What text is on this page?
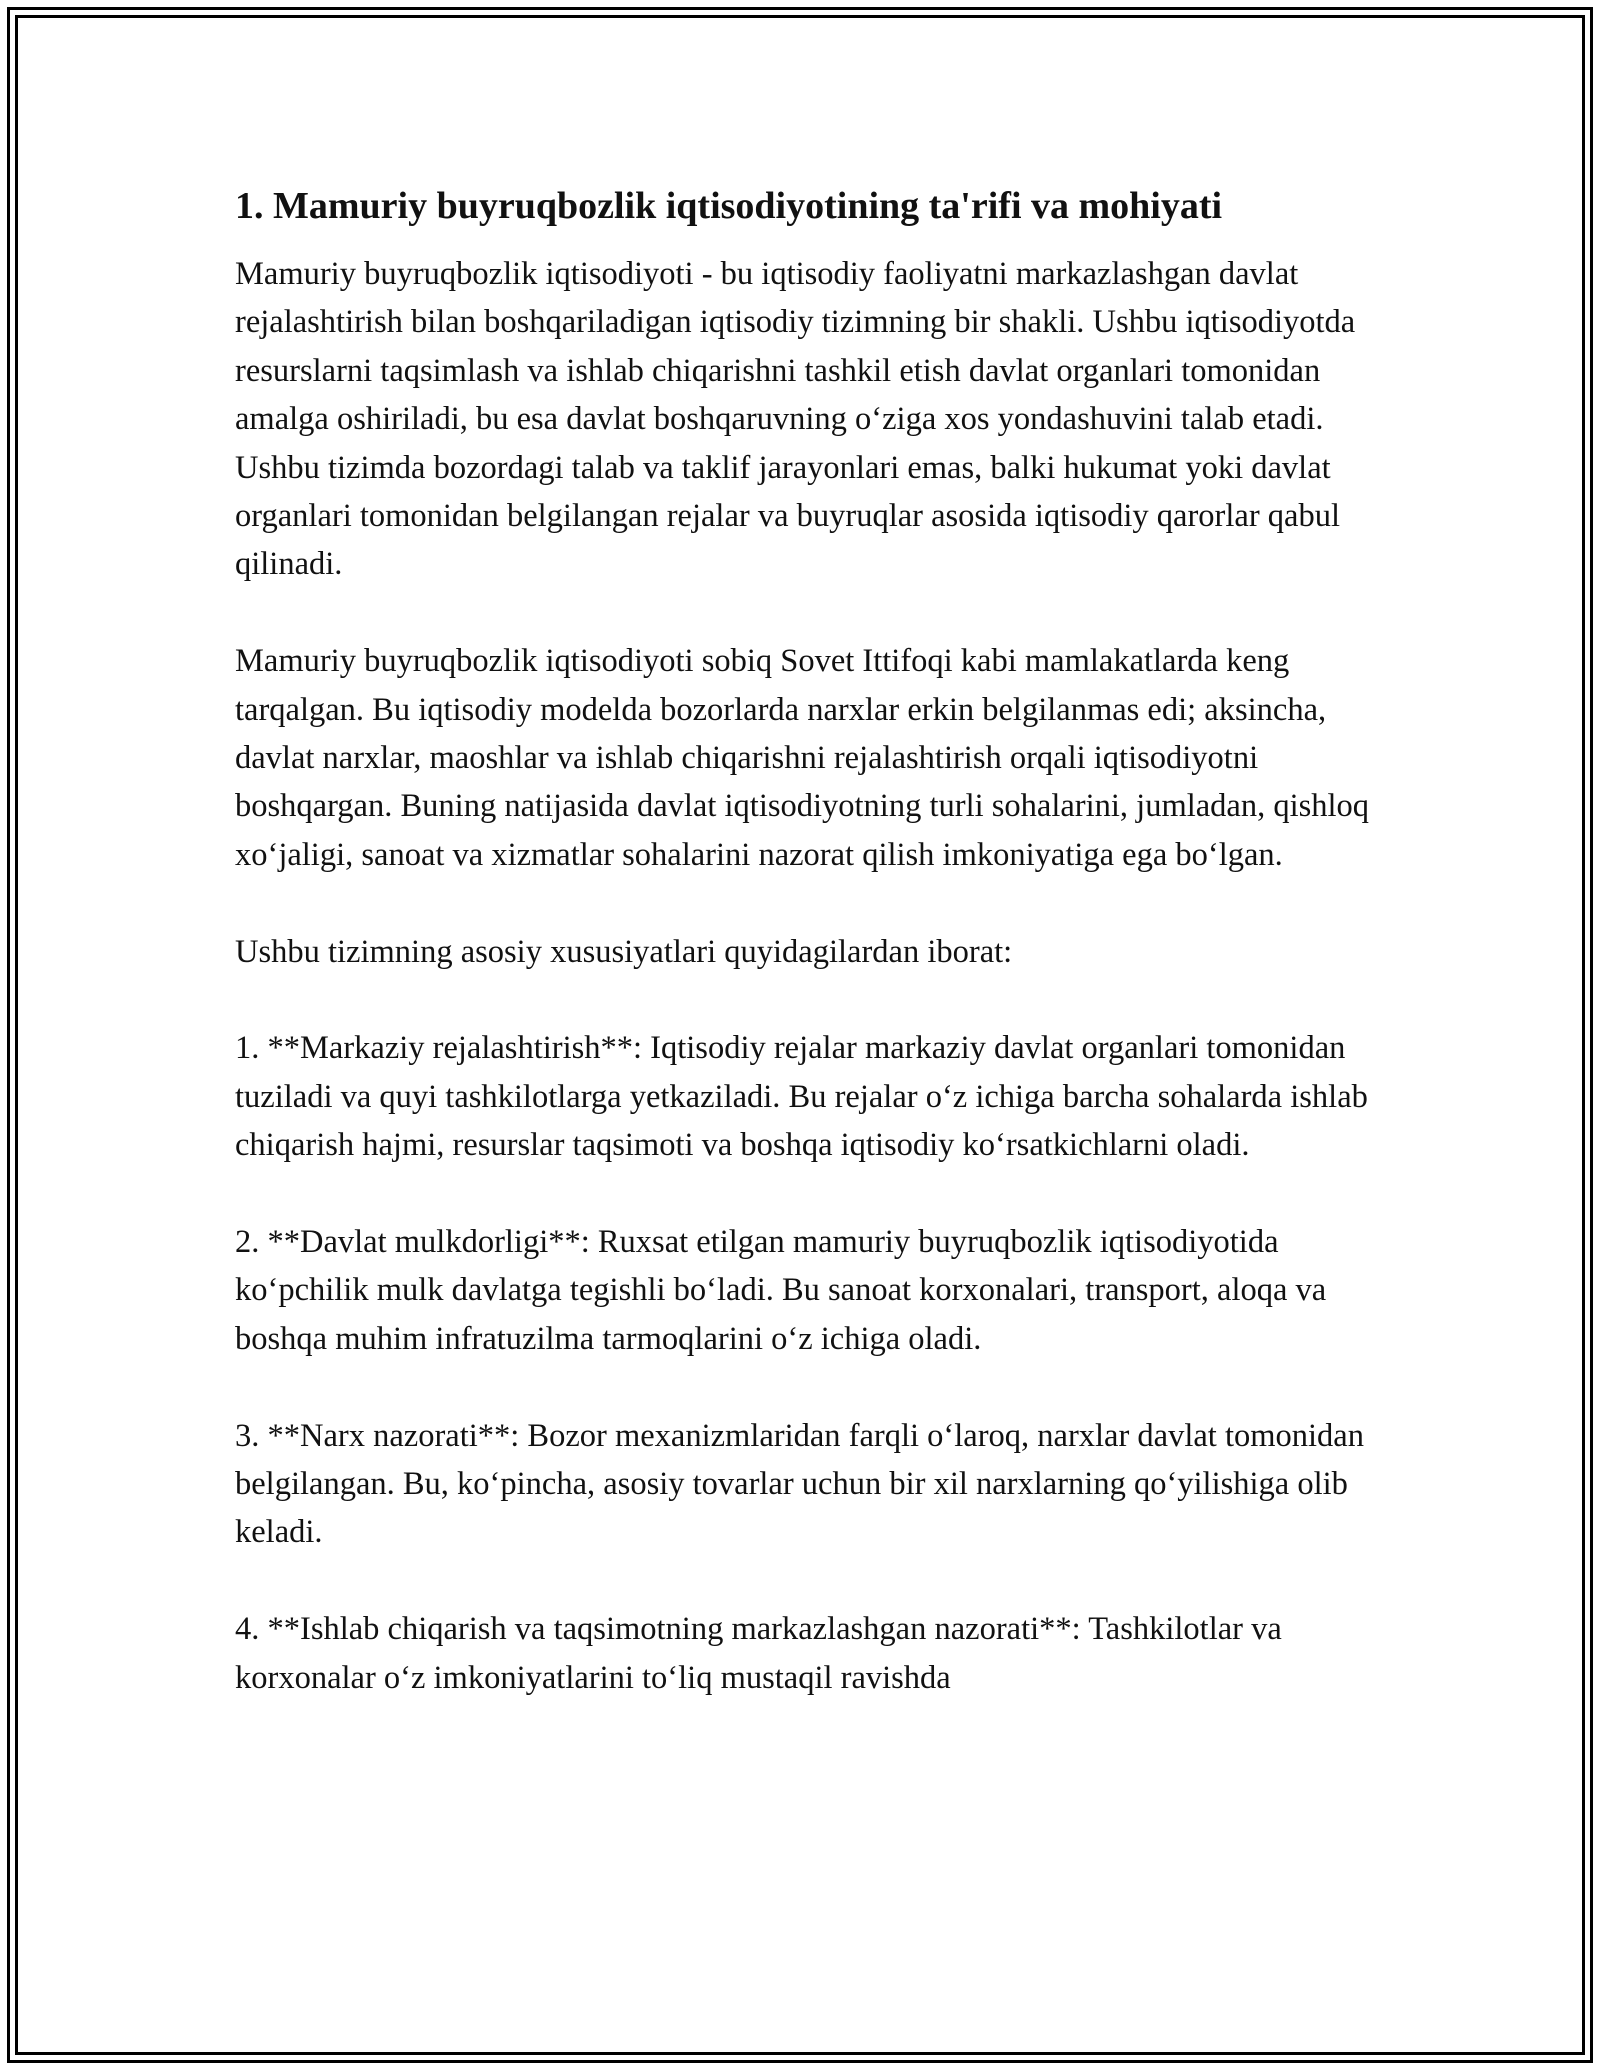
1. Mamuriy buyruqbozlik iqtisodiyotining ta'rifi va mohiyati

Mamuriy buyruqbozlik iqtisodiyoti - bu iqtisodiy faoliyatni markazlashgan davlat rejalashtirish bilan boshqariladigan iqtisodiy tizimning bir shakli. Ushbu iqtisodiyotda resurslarni taqsimlash va ishlab chiqarishni tashkil etish davlat organlari tomonidan amalga oshiriladi, bu esa davlat boshqaruvning o‘ziga xos yondashuvini talab etadi. Ushbu tizimda bozordagi talab va taklif jarayonlari emas, balki hukumat yoki davlat organlari tomonidan belgilangan rejalar va buyruqlar asosida iqtisodiy qarorlar qabul qilinadi.

Mamuriy buyruqbozlik iqtisodiyoti sobiq Sovet Ittifoqi kabi mamlakatlarda keng tarqalgan. Bu iqtisodiy modelda bozorlarda narxlar erkin belgilanmas edi; aksincha, davlat narxlar, maoshlar va ishlab chiqarishni rejalashtirish orqali iqtisodiyotni boshqargan. Buning natijasida davlat iqtisodiyotning turli sohalarini, jumladan, qishloq xo‘jaligi, sanoat va xizmatlar sohalarini nazorat qilish imkoniyatiga ega bo‘lgan.

Ushbu tizimning asosiy xususiyatlari quyidagilardan iborat:

1. **Markaziy rejalashtirish**: Iqtisodiy rejalar markaziy davlat organlari tomonidan tuziladi va quyi tashkilotlarga yetkaziladi. Bu rejalar o‘z ichiga barcha sohalarda ishlab chiqarish hajmi, resurslar taqsimoti va boshqa iqtisodiy ko‘rsatkichlarni oladi.

2. **Davlat mulkdorligi**: Ruxsat etilgan mamuriy buyruqbozlik iqtisodiyotida ko‘pchilik mulk davlatga tegishli bo‘ladi. Bu sanoat korxonalari, transport, aloqa va boshqa muhim infratuzilma tarmoqlarini o‘z ichiga oladi.

3. **Narx nazorati**: Bozor mexanizmlaridan farqli o‘laroq, narxlar davlat tomonidan belgilangan. Bu, ko‘pincha, asosiy tovarlar uchun bir xil narxlarning qo‘yilishiga olib keladi.

4. **Ishlab chiqarish va taqsimotning markazlashgan nazorati**: Tashkilotlar va korxonalar o‘z imkoniyatlarini to‘liq mustaqil ravishda
